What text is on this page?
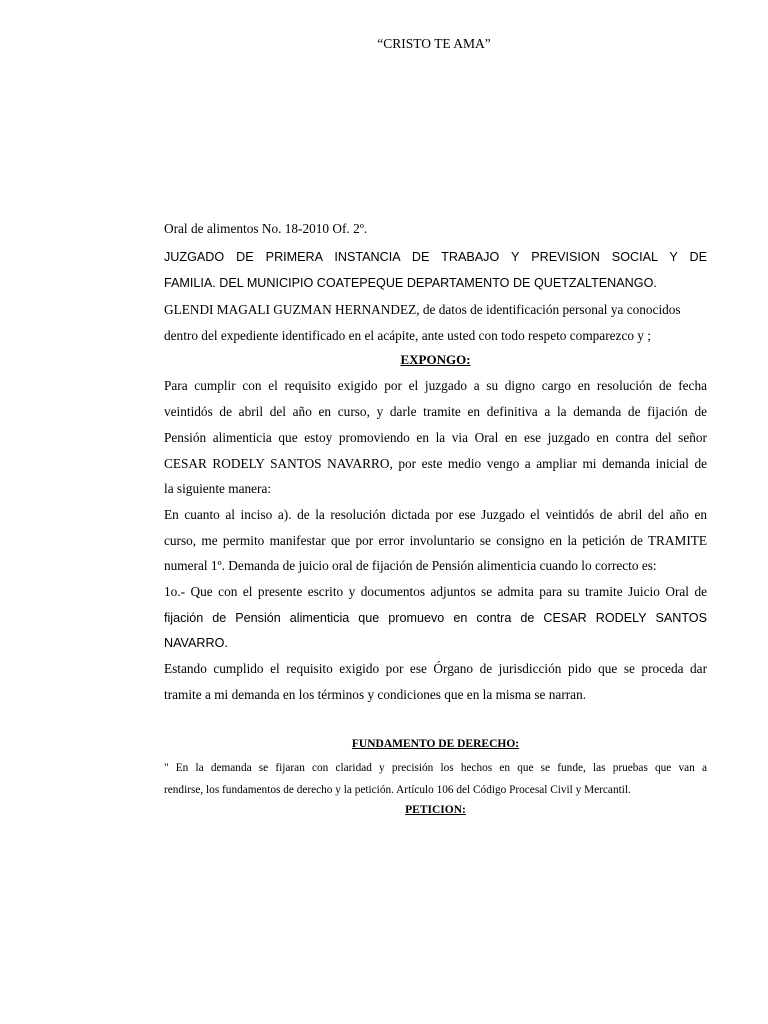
“CRISTO TE AMA”
Oral de alimentos No. 18-2010 Of. 2º.
JUZGADO DE PRIMERA INSTANCIA DE TRABAJO Y PREVISION SOCIAL Y DE
FAMILIA. DEL MUNICIPIO COATEPEQUE DEPARTAMENTO DE QUETZALTENANGO.
GLENDI MAGALI GUZMAN HERNANDEZ, de datos de identificación personal ya conocidos
dentro del expediente identificado en el acápite, ante usted con todo respeto comparezco y ;
EXPONGO:
Para cumplir con el requisito exigido por el juzgado a su digno cargo en resolución de fecha
veintidós de abril del año en curso, y darle tramite en definitiva a la demanda de fijación de
Pensión alimenticia que estoy promoviendo en la via Oral en ese juzgado en contra del señor
CESAR RODELY SANTOS NAVARRO, por este medio vengo a ampliar mi demanda inicial de
la siguiente manera:
En cuanto al inciso a). de la resolución dictada por ese Juzgado el veintidós de abril del año en
curso, me permito manifestar que por error involuntario se consigno en la petición de TRAMITE
numeral 1º. Demanda de juicio oral de fijación de Pensión alimenticia cuando lo correcto es:
1o.- Que con el presente escrito y documentos adjuntos se admita para su tramite Juicio Oral de
fijación de Pensión alimenticia que promuevo en contra de CESAR RODELY SANTOS
NAVARRO.
Estando cumplido el requisito exigido por ese Órgano de jurisdicción pido que se proceda dar
tramite a mi demanda en los términos y condiciones que en la misma se narran.
FUNDAMENTO DE DERECHO:
" En la demanda se fijaran con claridad y precisión los hechos en que se funde, las pruebas que van a
rendirse, los fundamentos de derecho y la petición. Artículo 106 del Código Procesal Civil y Mercantil.
PETICION:
